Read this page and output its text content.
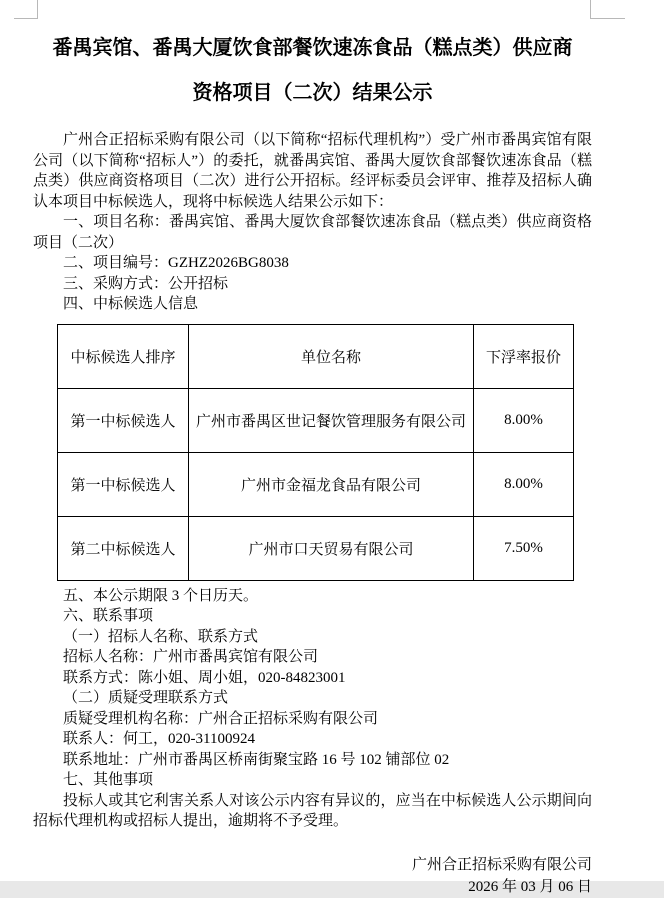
番禺宾馆、番禺大厦饮食部餐饮速冻食品（糕点类）供应商
资格项目（二次）结果公示

广州合正招标采购有限公司（以下简称“招标代理机构”）受广州市番禺宾馆有限公司（以下简称“招标人”）的委托，就番禺宾馆、番禺大厦饮食部餐饮速冻食品（糕点类）供应商资格项目（二次）进行公开招标。经评标委员会评审、推荐及招标人确认本项目中标候选人，现将中标候选人结果公示如下：

一、项目名称：番禺宾馆、番禺大厦饮食部餐饮速冻食品（糕点类）供应商资格项目（二次）

二、项目编号：GZHZ2026BG8038

三、采购方式：公开招标

四、中标候选人信息

中标候选人排序	单位名称	下浮率报价
第一中标候选人	广州市番禺区世记餐饮管理服务有限公司	8.00%
第一中标候选人	广州市金福龙食品有限公司	8.00%
第二中标候选人	广州市口天贸易有限公司	7.50%

五、本公示期限 3 个日历天。

六、联系事项

（一）招标人名称、联系方式

招标人名称：广州市番禺宾馆有限公司

联系方式：陈小姐、周小姐，020-84823001

（二）质疑受理联系方式

质疑受理机构名称：广州合正招标采购有限公司

联系人：何工，020-31100924

联系地址：广州市番禺区桥南街聚宝路 16 号 102 铺部位 02

七、其他事项

投标人或其它利害关系人对该公示内容有异议的，应当在中标候选人公示期间向招标代理机构或招标人提出，逾期将不予受理。

广州合正招标采购有限公司

2026 年 03 月 06 日
